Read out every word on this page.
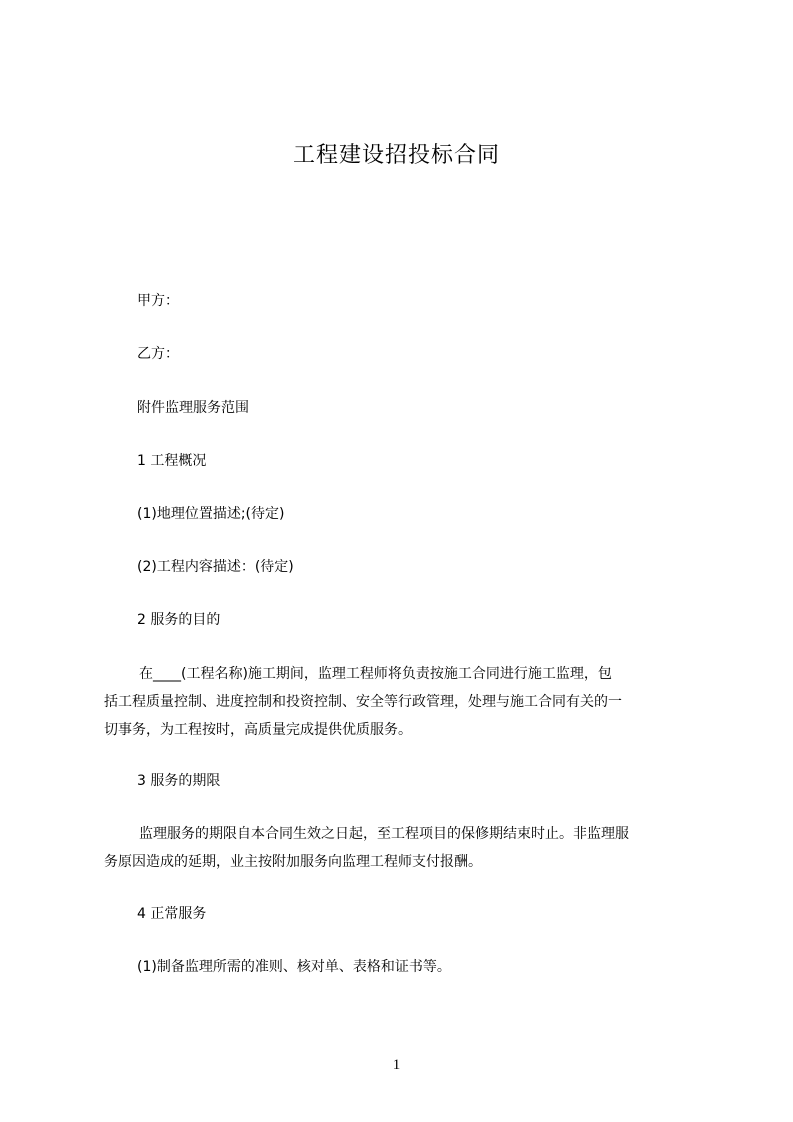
工程建设招投标合同
甲方：
乙方：
附件监理服务范围
1 工程概况
(1)地理位置描述;(待定)
(2)工程内容描述：(待定)
2 服务的目的
在____(工程名称)施工期间，监理工程师将负责按施工合同进行施工监理，包
括工程质量控制、进度控制和投资控制、安全等行政管理，处理与施工合同有关的一
切事务，为工程按时，高质量完成提供优质服务。
3 服务的期限
监理服务的期限自本合同生效之日起，至工程项目的保修期结束时止。非监理服
务原因造成的延期，业主按附加服务向监理工程师支付报酬。
4 正常服务
(1)制备监理所需的准则、核对单、表格和证书等。
1
